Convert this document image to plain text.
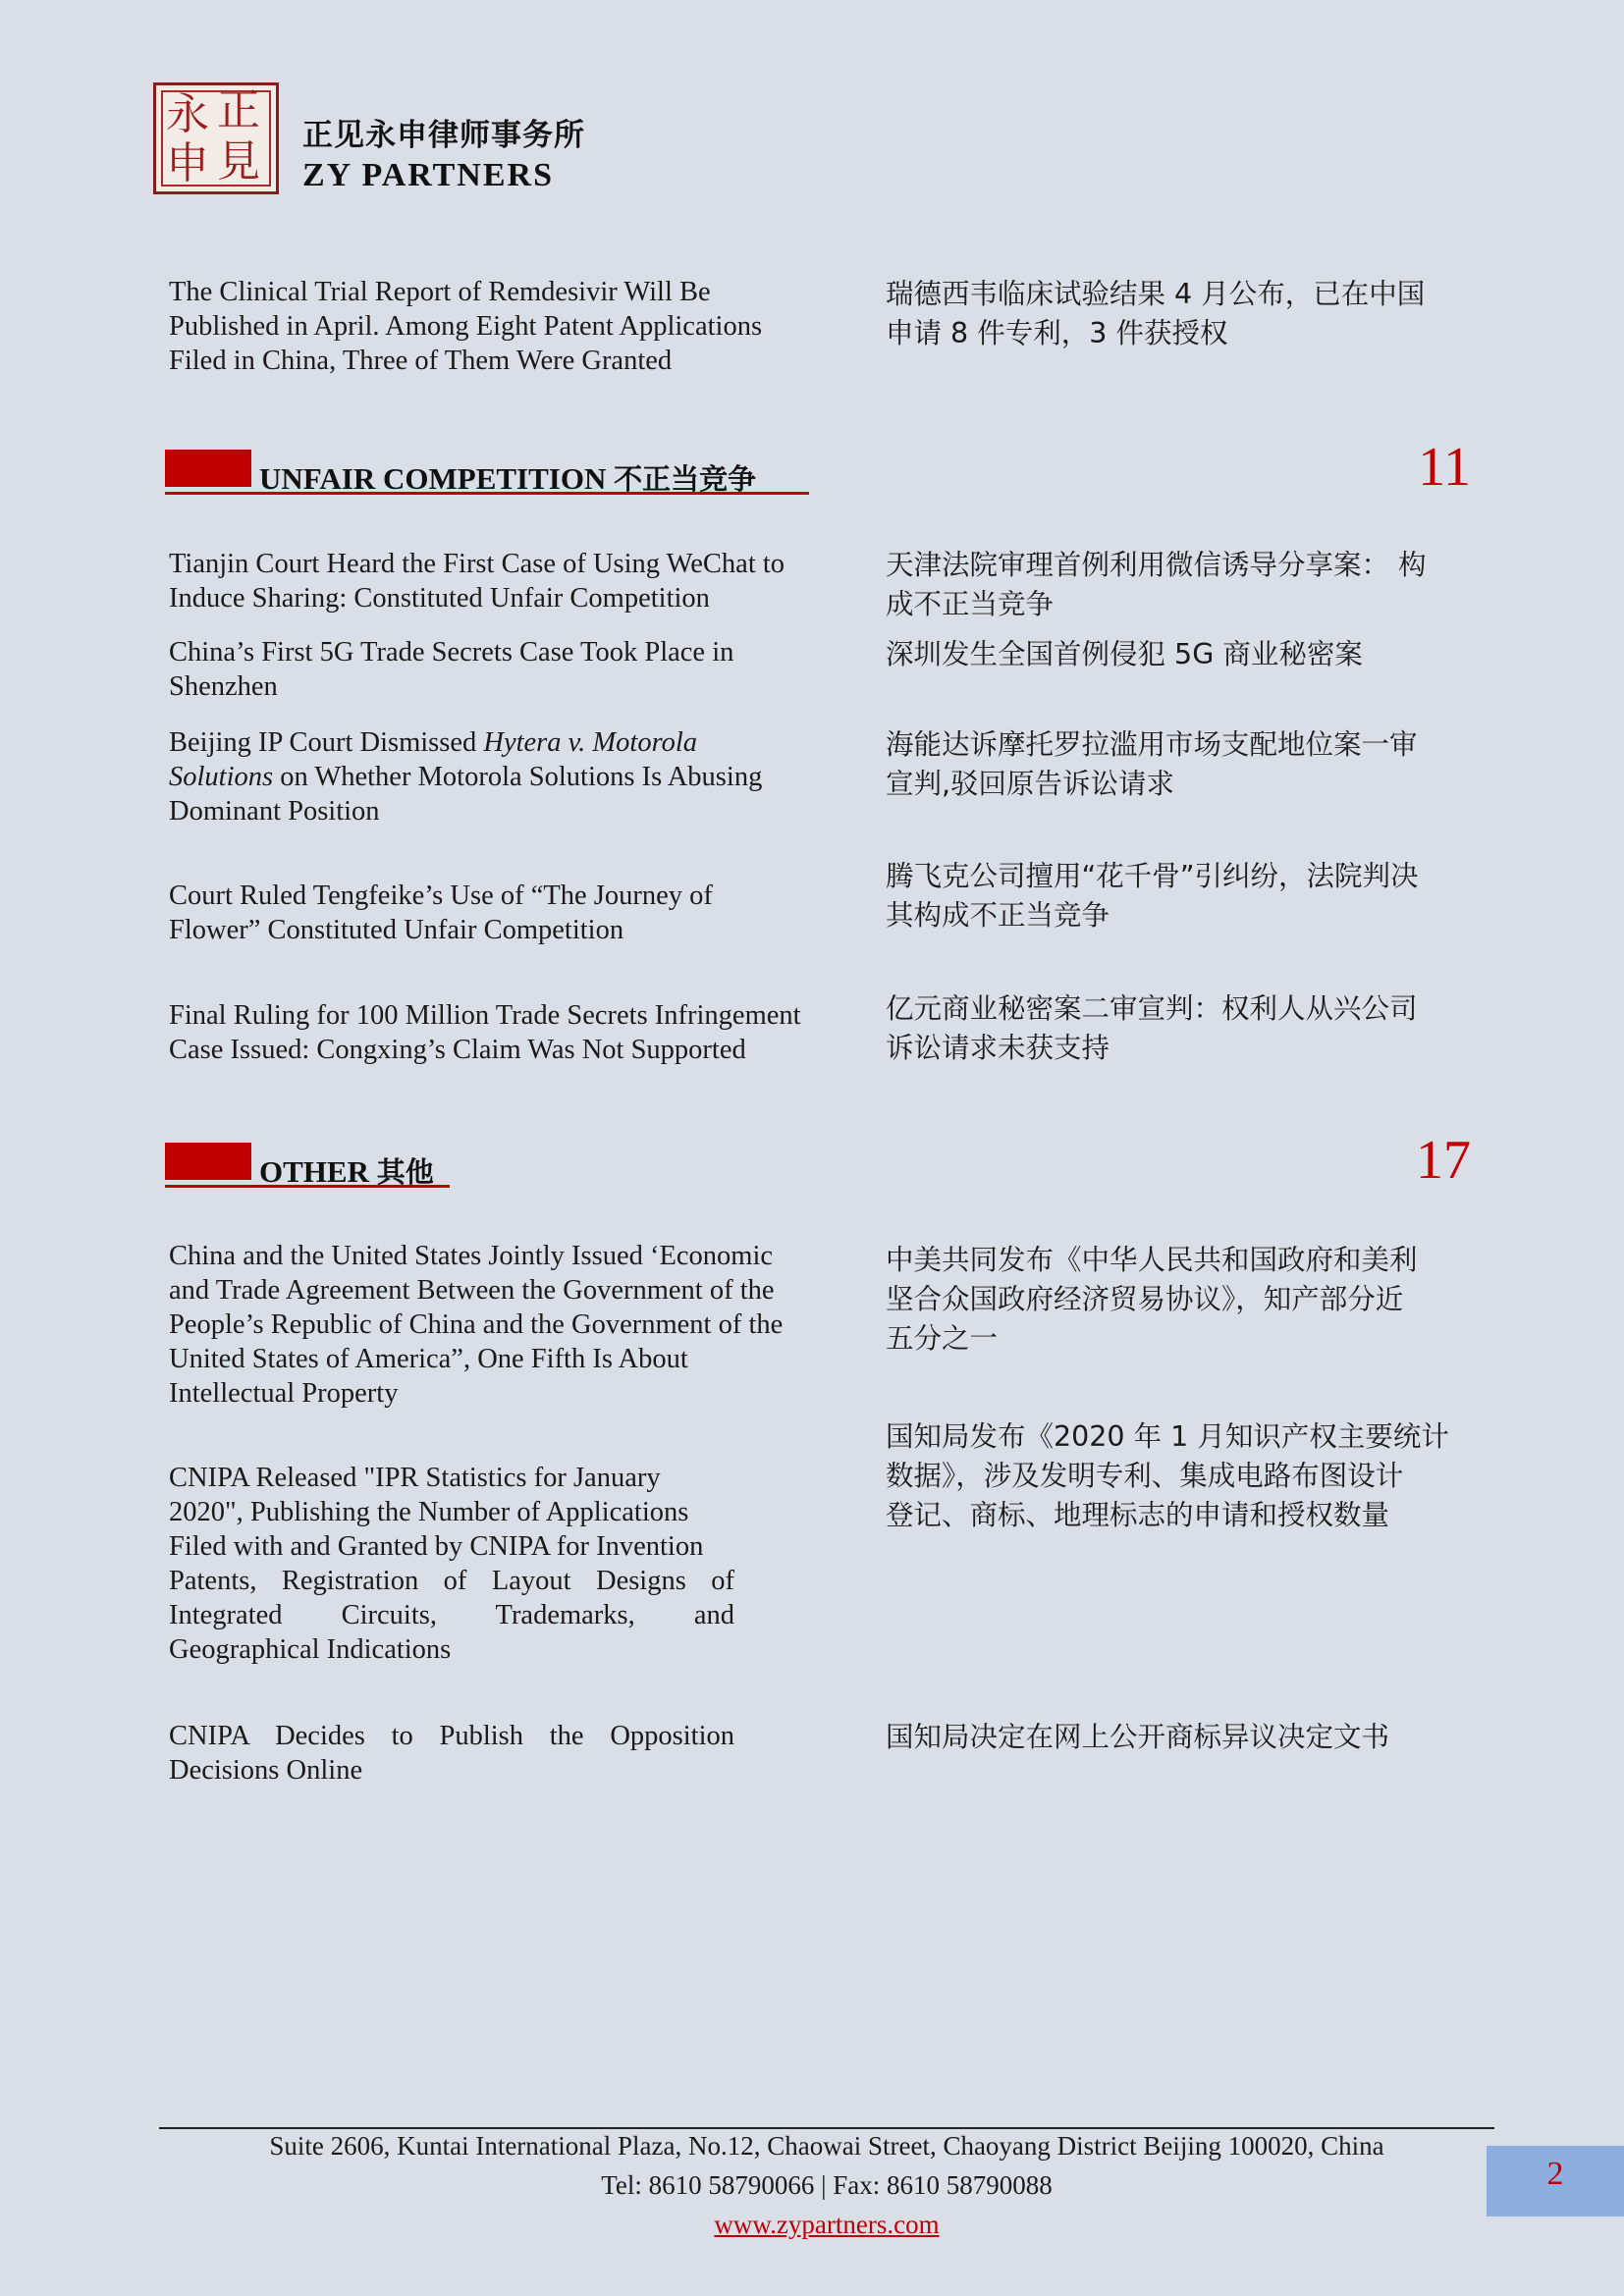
永 正
申 見
正见永申律师事务所
ZY PARTNERS
The Clinical Trial Report of Remdesivir Will Be
Published in April. Among Eight Patent Applications
Filed in China, Three of Them Were Granted
瑞德西韦临床试验结果 4 月公布，已在中国
申请 8 件专利，3 件获授权
UNFAIR COMPETITION 不正当竞争	11
Tianjin Court Heard the First Case of Using WeChat to
Induce Sharing: Constituted Unfair Competition
天津法院审理首例利用微信诱导分享案： 构
成不正当竞争
China’s First 5G Trade Secrets Case Took Place in
Shenzhen
深圳发生全国首例侵犯 5G 商业秘密案
Beijing IP Court Dismissed Hytera v. Motorola
Solutions on Whether Motorola Solutions Is Abusing
Dominant Position
海能达诉摩托罗拉滥用市场支配地位案一审
宣判,驳回原告诉讼请求
Court Ruled Tengfeike’s Use of “The Journey of
Flower” Constituted Unfair Competition
腾飞克公司擅用“花千骨”引纠纷，法院判决
其构成不正当竞争
Final Ruling for 100 Million Trade Secrets Infringement
Case Issued: Congxing’s Claim Was Not Supported
亿元商业秘密案二审宣判：权利人从兴公司
诉讼请求未获支持
OTHER 其他	17
China and the United States Jointly Issued ‘Economic
and Trade Agreement Between the Government of the
People’s Republic of China and the Government of the
United States of America”, One Fifth Is About
Intellectual Property
中美共同发布《中华人民共和国政府和美利
坚合众国政府经济贸易协议》，知产部分近
五分之一
CNIPA Released "IPR Statistics for January
2020", Publishing the Number of Applications
Filed with and Granted by CNIPA for Invention
Patents, Registration of Layout Designs of
Integrated Circuits, Trademarks, and
Geographical Indications
国知局发布《2020 年 1 月知识产权主要统计
数据》，涉及发明专利、集成电路布图设计
登记、商标、地理标志的申请和授权数量
CNIPA Decides to Publish the Opposition
Decisions Online
国知局决定在网上公开商标异议决定文书
Suite 2606, Kuntai International Plaza, No.12, Chaowai Street, Chaoyang District Beijing 100020, China
Tel: 8610 58790066 | Fax: 8610 58790088
www.zypartners.com
2
